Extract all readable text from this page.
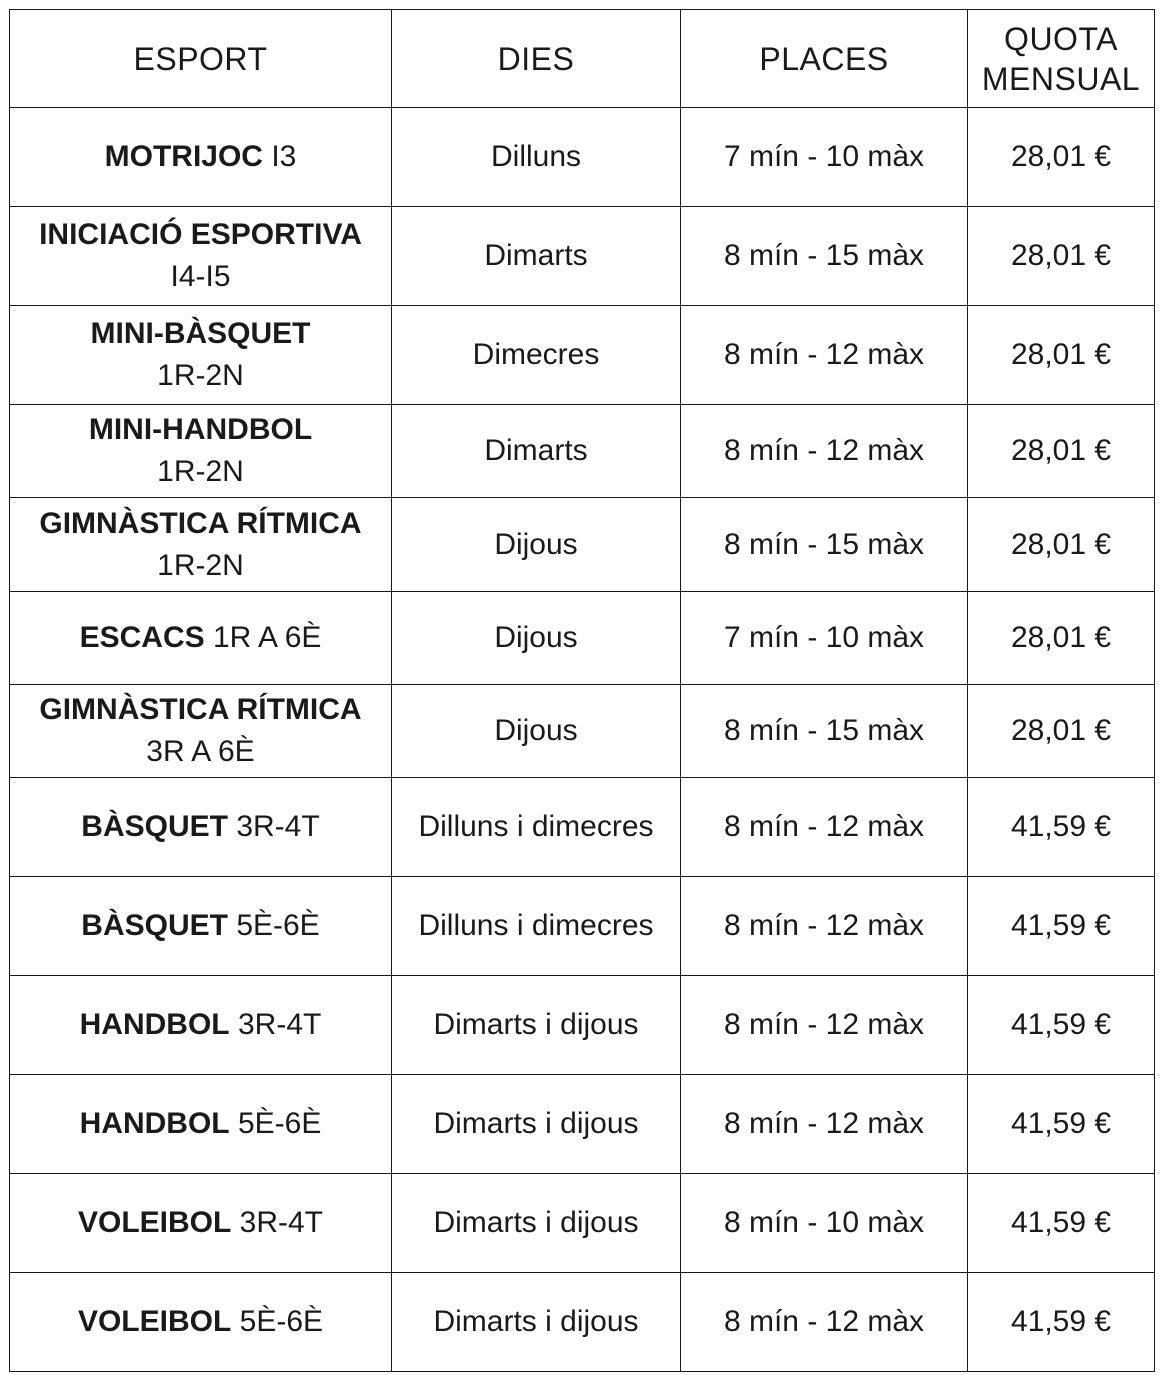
ESPORT	DIES	PLACES	QUOTA
MENSUAL
MOTRIJOC I3	Dilluns	7 mín - 10 màx	28,01 €
INICIACIÓ ESPORTIVA
I4-I5	Dimarts	8 mín - 15 màx	28,01 €
MINI-BÀSQUET
1R-2N	Dimecres	8 mín - 12 màx	28,01 €
MINI-HANDBOL
1R-2N	Dimarts	8 mín - 12 màx	28,01 €
GIMNÀSTICA RÍTMICA
1R-2N	Dijous	8 mín - 15 màx	28,01 €
ESCACS 1R A 6È	Dijous	7 mín - 10 màx	28,01 €
GIMNÀSTICA RÍTMICA
3R A 6È	Dijous	8 mín - 15 màx	28,01 €
BÀSQUET 3R-4T	Dilluns i dimecres	8 mín - 12 màx	41,59 €
BÀSQUET 5È-6È	Dilluns i dimecres	8 mín - 12 màx	41,59 €
HANDBOL 3R-4T	Dimarts i dijous	8 mín - 12 màx	41,59 €
HANDBOL 5È-6È	Dimarts i dijous	8 mín - 12 màx	41,59 €
VOLEIBOL 3R-4T	Dimarts i dijous	8 mín - 10 màx	41,59 €
VOLEIBOL 5È-6È	Dimarts i dijous	8 mín - 12 màx	41,59 €
